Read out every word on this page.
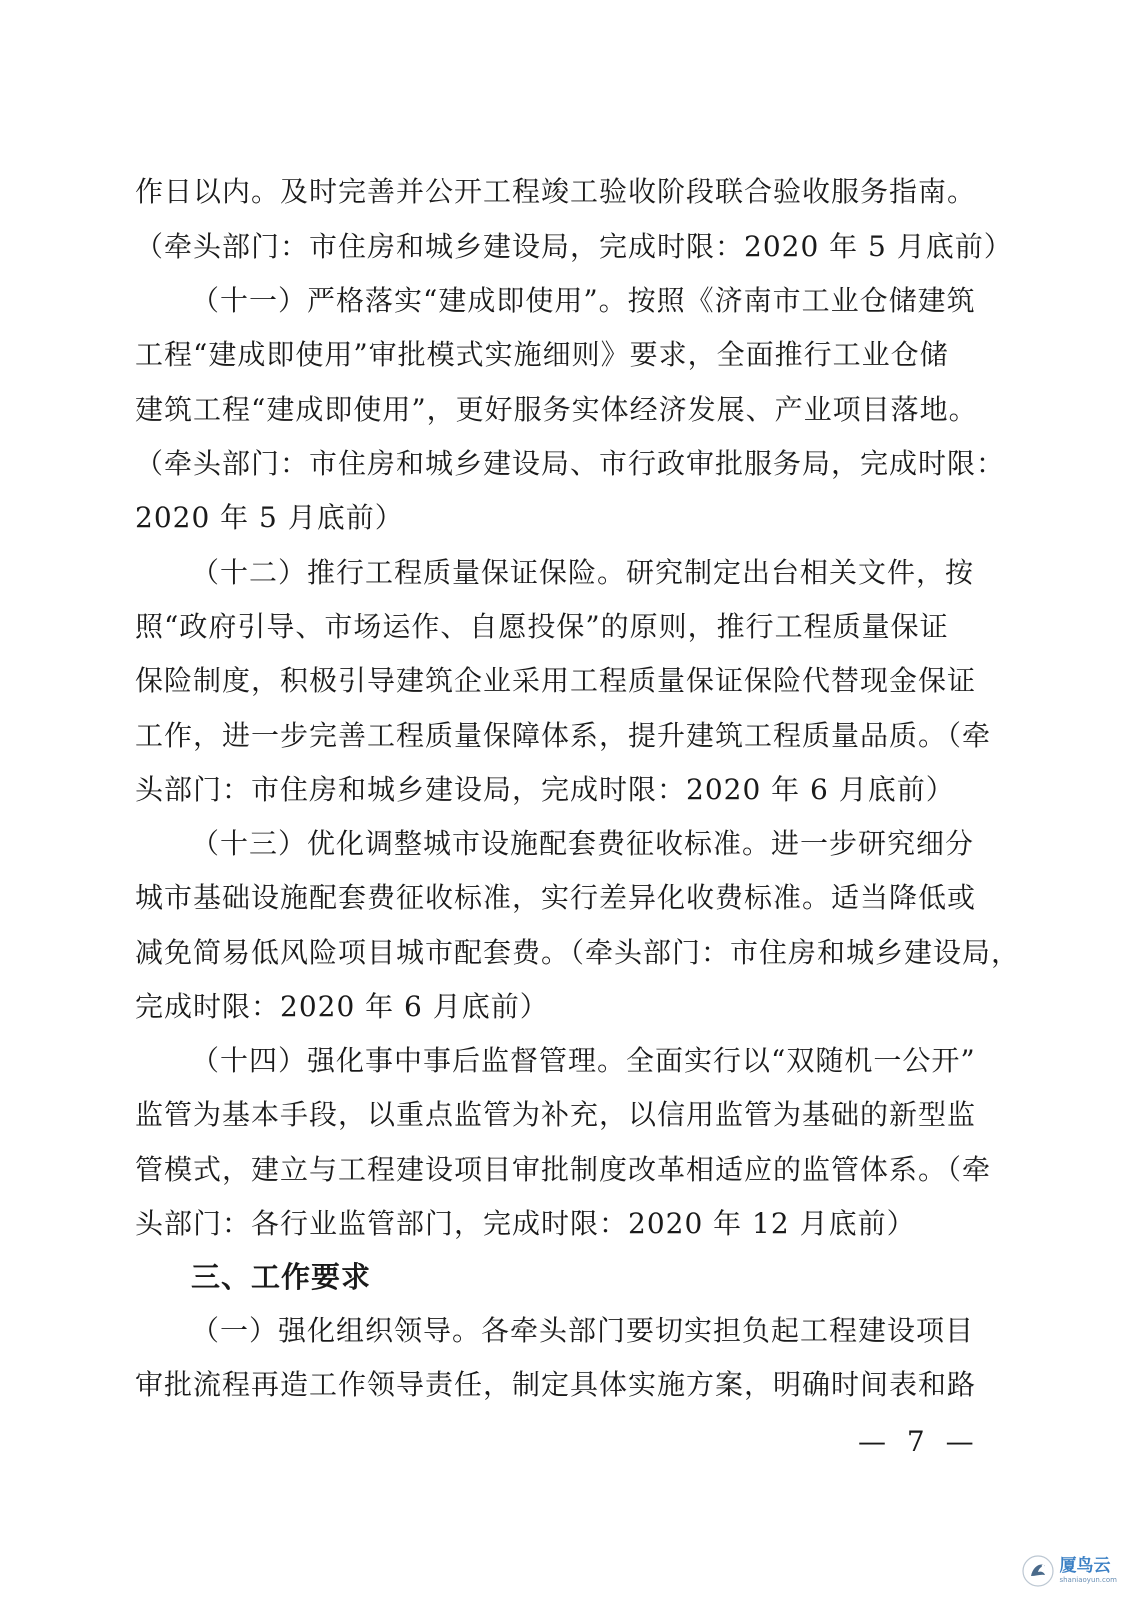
作日以内。及时完善并公开工程竣工验收阶段联合验收服务指南。
（牵头部门：市住房和城乡建设局，完成时限：2020 年 5 月底前）
（十一）严格落实“建成即使用”。按照《济南市工业仓储建筑
工程“建成即使用”审批模式实施细则》要求，全面推行工业仓储
建筑工程“建成即使用”，更好服务实体经济发展、产业项目落地。
（牵头部门：市住房和城乡建设局、市行政审批服务局，完成时限：
2020 年 5 月底前）
（十二）推行工程质量保证保险。研究制定出台相关文件，按
照“政府引导、市场运作、自愿投保”的原则，推行工程质量保证
保险制度，积极引导建筑企业采用工程质量保证保险代替现金保证
工作，进一步完善工程质量保障体系，提升建筑工程质量品质。（牵
头部门：市住房和城乡建设局，完成时限：2020 年 6 月底前）
（十三）优化调整城市设施配套费征收标准。进一步研究细分
城市基础设施配套费征收标准，实行差异化收费标准。适当降低或
减免简易低风险项目城市配套费。（牵头部门：市住房和城乡建设局，
完成时限：2020 年 6 月底前）
（十四）强化事中事后监督管理。全面实行以“双随机一公开”
监管为基本手段，以重点监管为补充，以信用监管为基础的新型监
管模式，建立与工程建设项目审批制度改革相适应的监管体系。（牵
头部门：各行业监管部门，完成时限：2020 年 12 月底前）
三、工作要求
（一）强化组织领导。各牵头部门要切实担负起工程建设项目
审批流程再造工作领导责任，制定具体实施方案，明确时间表和路
— 7 —
厦鸟云
shaniaoyun.com
